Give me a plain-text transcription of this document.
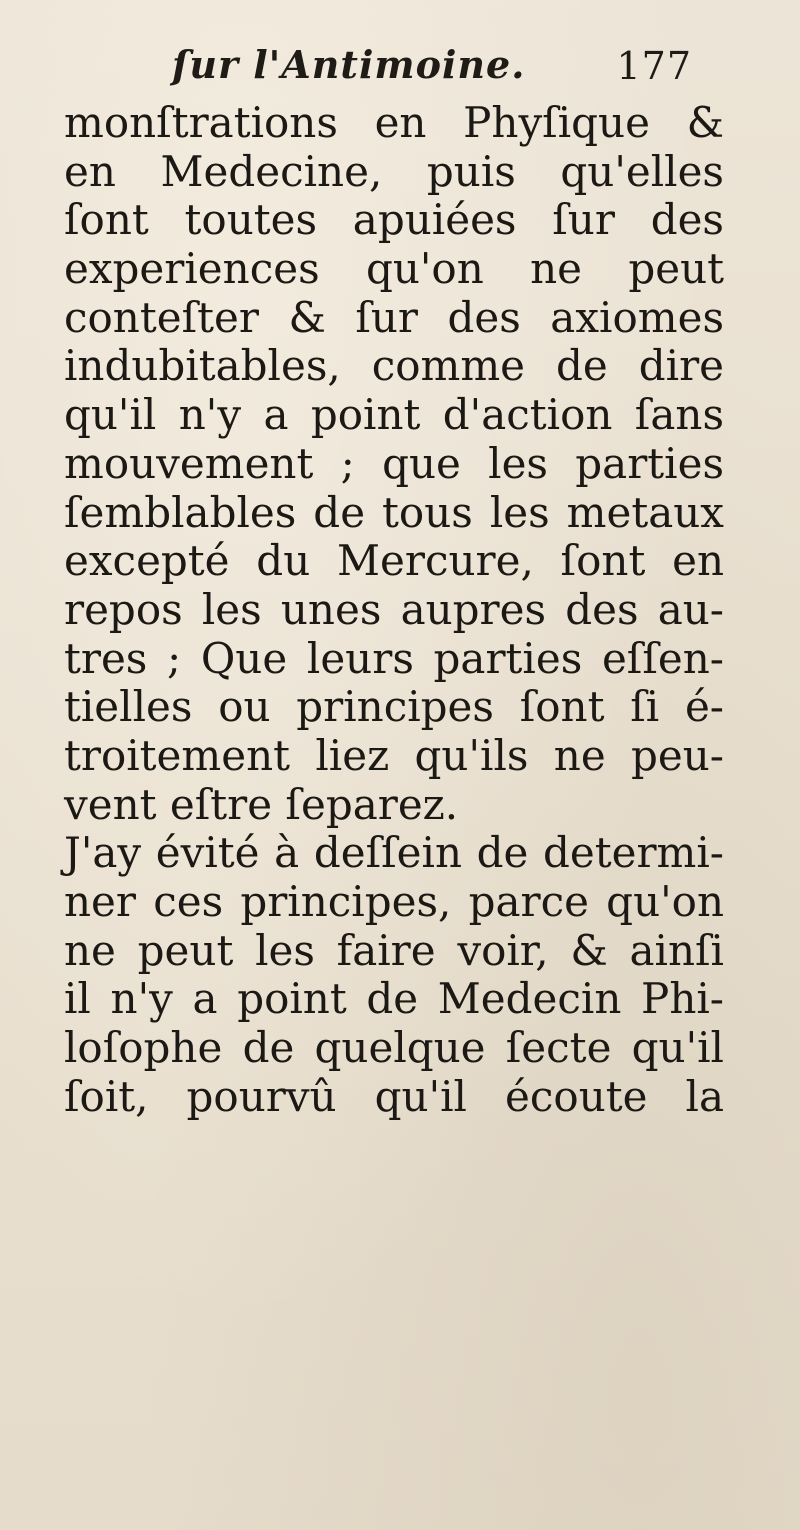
ſur l'Antimoine. 177
monſtrations en Phyſique &
en Medecine, puis qu'elles
ſont toutes apuiées ſur des
experiences qu'on ne peut
conteſter & ſur des axiomes
indubitables, comme de dire
qu'il n'y a point d'action ſans
mouvement ; que les parties
ſemblables de tous les metaux
excepté du Mercure, ſont en
repos les unes aupres des au-
tres ; Que leurs parties eſſen-
tielles ou principes ſont ſi é-
troitement liez qu'ils ne peu-
vent eſtre ſeparez.
J'ay évité à deſſein de determi-
ner ces principes, parce qu'on
ne peut les faire voir, & ainſi
il n'y a point de Medecin Phi-
loſophe de quelque ſecte qu'il
ſoit, pourvû qu'il écoute la
